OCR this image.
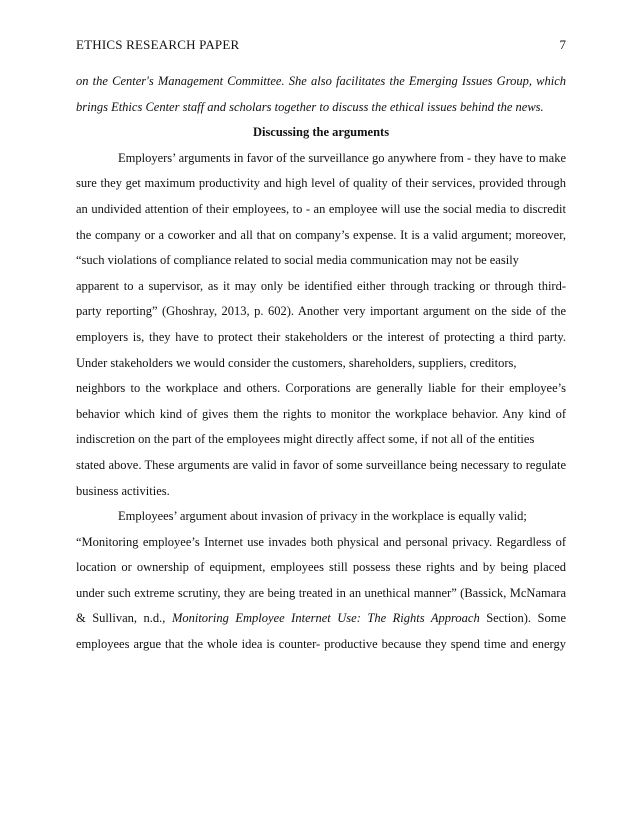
ETHICS RESEARCH PAPER	7
on the Center's Management Committee. She also facilitates the Emerging Issues Group, which
brings Ethics Center staff and scholars together to discuss the ethical issues behind the news.
Discussing the arguments
Employers’ arguments in favor of the surveillance go anywhere from - they have to make
sure they get maximum productivity and high level of quality of their services, provided through
an undivided attention of their employees, to - an employee will use the social media to discredit
the company or a coworker and all that on company’s expense. It is a valid argument; moreover,
“such violations of compliance related to social media communication may not be easily
apparent to a supervisor, as it may only be identified either through tracking or through third-
party reporting” (Ghoshray, 2013, p. 602). Another very important argument on the side of the
employers is, they have to protect their stakeholders or the interest of protecting a third party.
Under stakeholders we would consider the customers, shareholders, suppliers, creditors,
neighbors to the workplace and others. Corporations are generally liable for their employee’s
behavior which kind of gives them the rights to monitor the workplace behavior. Any kind of
indiscretion on the part of the employees might directly affect some, if not all of the entities
stated above. These arguments are valid in favor of some surveillance being necessary to regulate
business activities.
Employees’ argument about invasion of privacy in the workplace is equally valid;
“Monitoring employee’s Internet use invades both physical and personal privacy. Regardless of
location or ownership of equipment, employees still possess these rights and by being placed
under such extreme scrutiny, they are being treated in an unethical manner” (Bassick, McNamara
& Sullivan, n.d., Monitoring Employee Internet Use: The Rights Approach Section). Some
employees argue that the whole idea is counter- productive because they spend time and energy
